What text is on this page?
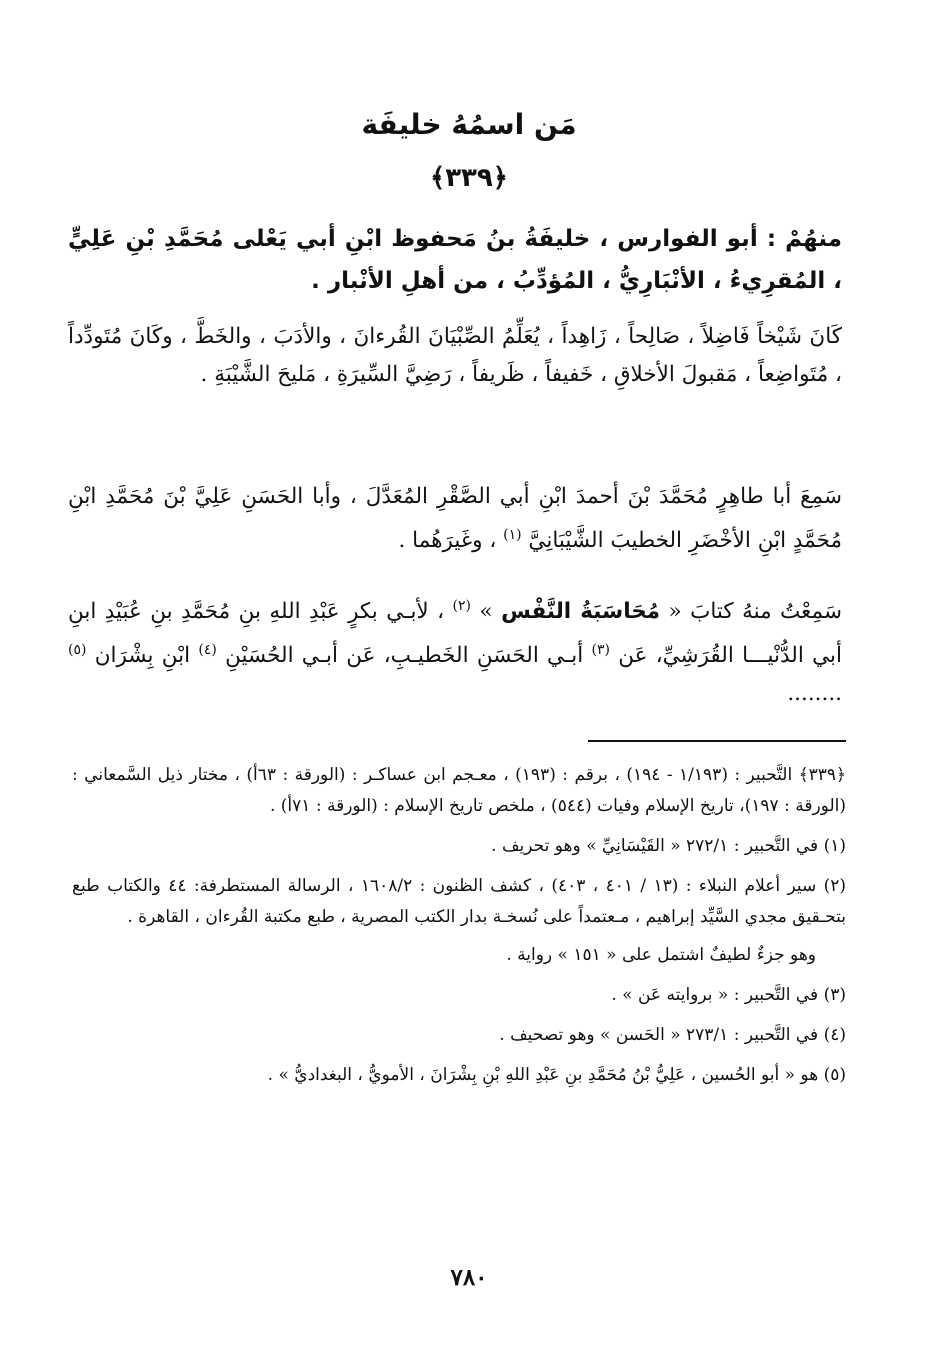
مَن اسمُهُ خليفَة
﴿٣٣٩﴾
منهُمْ : أبو الفوارس ، خليفَةُ بنُ مَحفوظ ابْنِ أبي يَعْلى مُحَمَّدِ بْنِ عَلِيٍّ ، المُقرِيءُ ، الأنْبَارِيُّ ، المُؤدِّبُ ، من أهلِ الأنْبار .
كَانَ شَيْخاً فَاضِلاً ، صَالِحاً ، زَاهِداً ، يُعَلِّمُ الصِّبْيَانَ القُرءانَ ، والأدَبَ ، والخَطَّ ، وكَانَ مُتَودِّداً ، مُتَواضِعاً ، مَقبولَ الأخلاقِ ، خَفيفاً ، ظَريفاً ، رَضِيَّ السِّيرَةِ ، مَليحَ الشَّيْبَةِ .
سَمِعَ أبا طاهِرٍ مُحَمَّدَ بْنَ أحمدَ ابْنِ أبي الصَّقْرِ المُعَدَّلَ ، وأبا الحَسَنِ عَلِيَّ بْنَ مُحَمَّدِ ابْنِ مُحَمَّدٍ ابْنِ الأخْضَرِ الخطيبَ الشَّيْبَانِيَّ $^{(١)}$ ، وغَيرَهُما .
سَمِعْتُ منهُ كتابَ « مُحَاسَبَةُ النَّفْس » $^{(٢)}$ ، لأبـي بكرٍ عَبْدِ اللهِ بنِ مُحَمَّدِ بنِ عُبَيْدِ ابنِ أبي الدُّنْيـــا القُرَشِيِّ، عَن $^{(٣)}$ أبـي الحَسَنِ الخَطيـبِ، عَن أبـي الحُسَيْنِ $^{(٤)}$ ابْنِ بِشْرَان $^{(٥)}$ ........

﴿٣٣٩﴾ التَّحبير : (١/١٩٣ - ١٩٤) ، برقم : (١٩٣) ، معـجم ابن عساكـر : (الورقة : ٦٣أ) ، مختار ذيل السَّمعاني : (الورقة : ١٩٧)، تاريخ الإسلام وفيات (٥٤٤) ، ملخص تاريخ الإسلام : (الورقة : ٧١أ) .

(١) في التَّحبير : ٢٧٢/١ « القَيْسَانِيِّ » وهو تحريف .

(٢) سير أعلام النبلاء : (١٣ / ٤٠١ ، ٤٠٣) ، كشف الظنون : ١٦٠٨/٢ ، الرسالة المستطرفة: ٤٤ والكتاب طبع بتحـقيق مجدي السَّيِّد إبراهيم ، مـعتمداً على نُسخـة بدار الكتب المصرية ، طبع مكتبة القُرءان ، القاهرة .

وهو جزءٌ لطيفٌ اشتمل على « ١٥١ » رواية .

(٣) في التَّحبير : « بروايته عَن » .

(٤) في التَّحبير : ٢٧٣/١ « الحَسن » وهو تصحيف .

(٥) هو « أبو الحُسين ، عَلِيُّ بْنُ مُحَمَّدِ بنِ عَبْدِ اللهِ بْنِ بِشْرَانَ ، الأمويُّ ، البغداديُّ » .

٧٨٠
